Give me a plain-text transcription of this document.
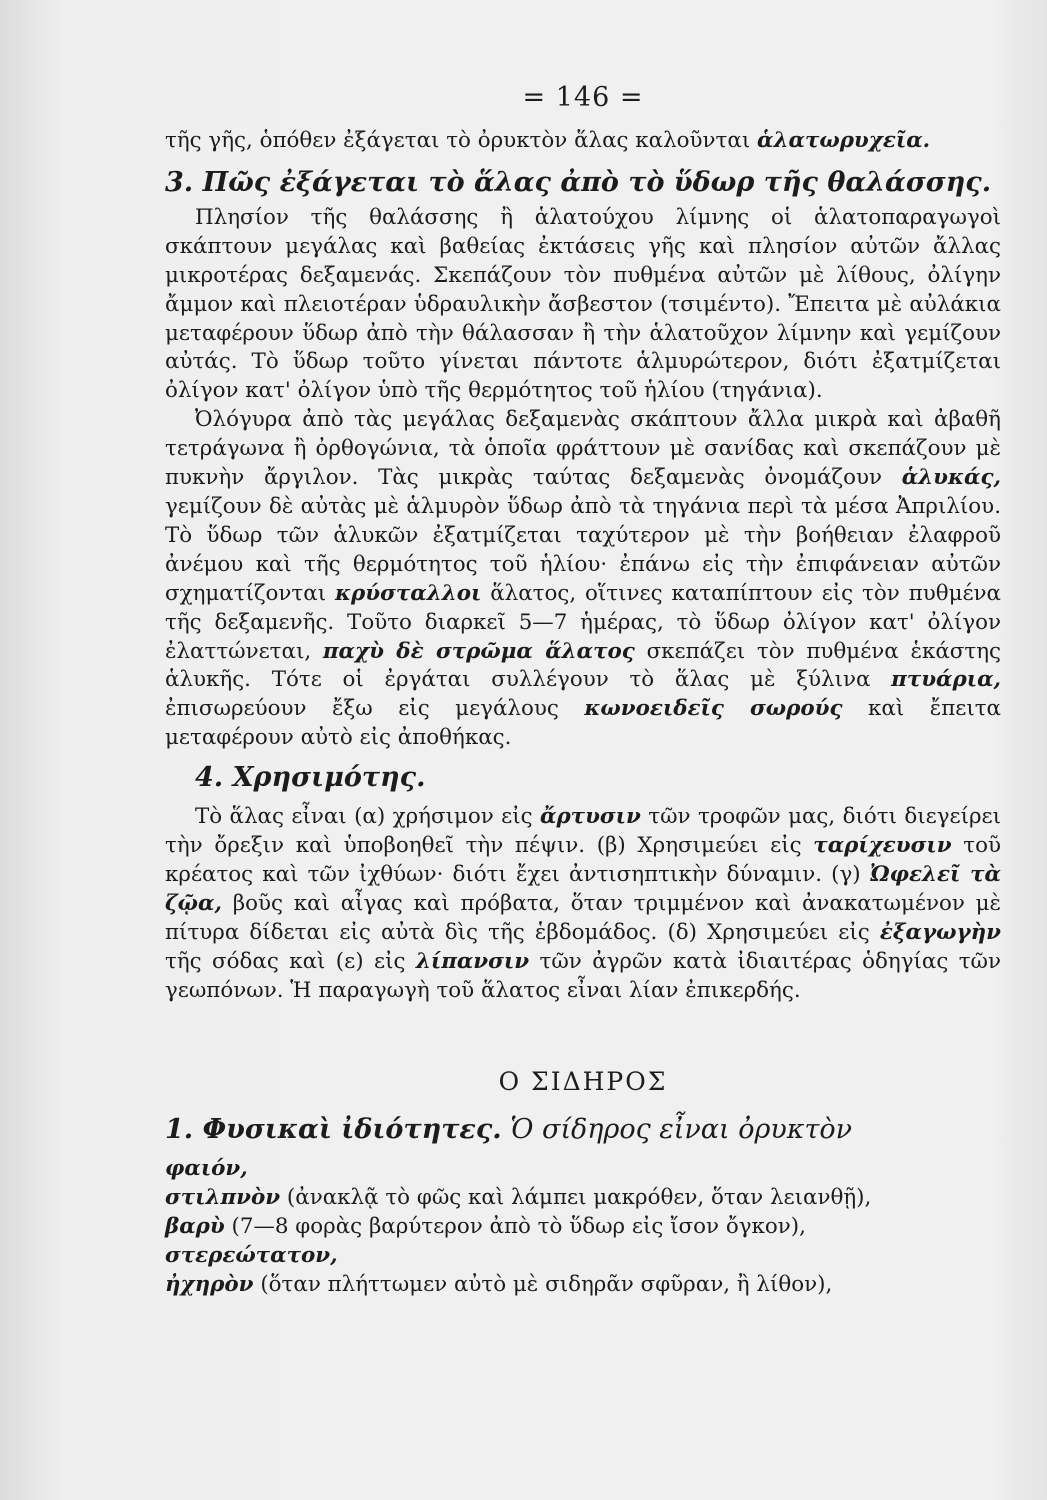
= 146 =

τῆς γῆς, ὁπόθεν ἐξάγεται τὸ ὀρυκτὸν ἅλας καλοῦνται ἁλατωρυχεῖα.

3. Πῶς ἐξάγεται τὸ ἅλας ἀπὸ τὸ ὕδωρ τῆς θαλάσσης.

Πλησίον τῆς θαλάσσης ἢ ἁλατούχου λίμνης οἱ ἁλατοπαραγωγοὶ σκάπτουν μεγάλας καὶ βαθείας ἐκτάσεις γῆς καὶ πλησίον αὐτῶν ἄλλας μικροτέρας δεξαμενάς. Σκεπάζουν τὸν πυθμένα αὐτῶν μὲ λίθους, ὀλίγην ἄμμον καὶ πλειοτέραν ὑδραυλικὴν ἄσβεστον (τσιμέντο). Ἔπειτα μὲ αὐλάκια μεταφέρουν ὕδωρ ἀπὸ τὴν θάλασσαν ἢ τὴν ἁλατοῦχον λίμνην καὶ γεμίζουν αὐτάς. Τὸ ὕδωρ τοῦτο γίνεται πάντοτε ἁλμυρώτερον, διότι ἐξατμίζεται ὀλίγον κατ' ὀλίγον ὑπὸ τῆς θερμότητος τοῦ ἡλίου (τηγάνια).

Ὀλόγυρα ἀπὸ τὰς μεγάλας δεξαμενὰς σκάπτουν ἄλλα μικρὰ καὶ ἀβαθῆ τετράγωνα ἢ ὀρθογώνια, τὰ ὁποῖα φράττουν μὲ σανίδας καὶ σκεπάζουν μὲ πυκνὴν ἄργιλον. Τὰς μικρὰς ταύτας δεξαμενὰς ὀνομάζουν ἁλυκάς, γεμίζουν δὲ αὐτὰς μὲ ἁλμυρὸν ὕδωρ ἀπὸ τὰ τηγάνια περὶ τὰ μέσα Ἀπριλίου. Τὸ ὕδωρ τῶν ἁλυκῶν ἐξατμίζεται ταχύτερον μὲ τὴν βοήθειαν ἐλαφροῦ ἀνέμου καὶ τῆς θερμότητος τοῦ ἡλίου· ἐπάνω εἰς τὴν ἐπιφάνειαν αὐτῶν σχηματίζονται κρύσταλλοι ἅλατος, οἵτινες καταπίπτουν εἰς τὸν πυθμένα τῆς δεξαμενῆς. Τοῦτο διαρκεῖ 5—7 ἡμέρας, τὸ ὕδωρ ὀλίγον κατ' ὀλίγον ἐλαττώνεται, παχὺ δὲ στρῶμα ἅλατος σκεπάζει τὸν πυθμένα ἑκάστης ἁλυκῆς. Τότε οἱ ἐργάται συλλέγουν τὸ ἅλας μὲ ξύλινα πτυάρια, ἐπισωρεύουν ἔξω εἰς μεγάλους κωνοειδεῖς σωρούς καὶ ἔπειτα μεταφέρουν αὐτὸ εἰς ἀποθήκας.

4. Χρησιμότης.

Τὸ ἅλας εἶναι (α) χρήσιμον εἰς ἄρτυσιν τῶν τροφῶν μας, διότι διεγείρει τὴν ὄρεξιν καὶ ὑποβοηθεῖ τὴν πέψιν. (β) Χρησιμεύει εἰς ταρίχευσιν τοῦ κρέατος καὶ τῶν ἰχθύων· διότι ἔχει ἀντισηπτικὴν δύναμιν. (γ) Ὠφελεῖ τὰ ζῷα, βοῦς καὶ αἶγας καὶ πρόβατα, ὅταν τριμμένον καὶ ἀνακατωμένον μὲ πίτυρα δίδεται εἰς αὐτὰ δὶς τῆς ἑβδομάδος. (δ) Χρησιμεύει εἰς ἐξαγωγὴν τῆς σόδας καὶ (ε) εἰς λίπανσιν τῶν ἀγρῶν κατὰ ἰδιαιτέρας ὁδηγίας τῶν γεωπόνων. Ἡ παραγωγὴ τοῦ ἅλατος εἶναι λίαν ἐπικερδής.

Ο ΣΙΔΗΡΟΣ
1. Φυσικαὶ ἰδιότητες. Ὁ σίδηρος εἶναι ὀρυκτὸν
φαιόν,
στιλπνὸν (ἀνακλᾷ τὸ φῶς καὶ λάμπει μακρόθεν, ὅταν λειανθῇ),
βαρὺ (7—8 φορὰς βαρύτερον ἀπὸ τὸ ὕδωρ εἰς ἴσον ὄγκον),
στερεώτατον,
ἠχηρὸν (ὅταν πλήττωμεν αὐτὸ μὲ σιδηρᾶν σφῦραν, ἢ λίθον),
